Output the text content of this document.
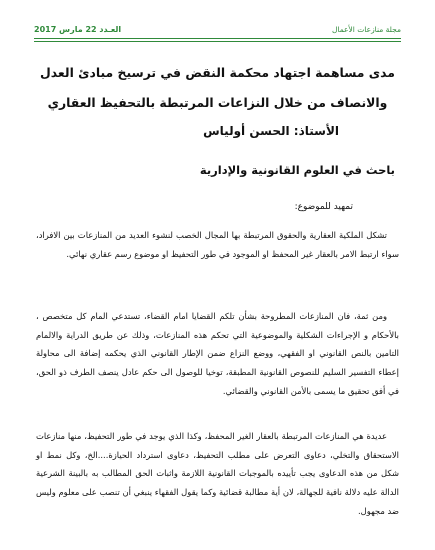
مجلة منازعات الأعمال
العـدد 22 مارس 2017
مدى مساهمة اجتهاد محكمة النقض في ترسيخ مبادئ العدل
والانصاف من خلال النزاعات المرتبطة بالتحفيظ العقاري
الأستاذ: الحسن أولياس
باحث في العلوم القانونية والإدارية
تمهيد للموضوع:

تشكل الملكية العقارية والحقوق المرتبطة بها المجال الخصب لنشوء العديد من المنازعات بين الافراد، سواء ارتبط الامر بالعقار غير المحفظ او الموجود في طور التحفيظ او موضوع رسم عقاري نهائي.

ومن ثمة، فان المنازعات المطروحة بشأن تلكم القضايا امام القضاء، تستدعي المام كل متخصص ، بالأحكام و الإجراءات الشكلية والموضوعية التي تحكم هذه المنازعات، وذلك عن طريق الدراية والالمام التامين بالنص القانوني او الفقهي، ووضع النزاع ضمن الإطار القانوني الذي يحكمه إضافة الى محاولة إعطاء التفسير السليم للنصوص القانونية المطبقة، توخيا للوصول الى حكم عادل ينصف الطرف ذو الحق، في أفق تحقيق ما يسمى بالأمن القانوني والقضائي.

عديدة هي المنازعات المرتبطة بالعقار الغير المحفظ، وكذا الذي يوجد في طور التحفيظ، منها منازعات الاستحقاق والتخلي، دعاوى التعرض على مطلب التحفيظ، دعاوى استرداد الحيازة....الخ، وكل نمط او شكل من هذه الدعاوى يجب تأييده بالموجبات القانونية اللازمة واثبات الحق المطالب به بالبينة الشرعية الدالة عليه دلالة نافية للجهالة، لان أية مطالبة قضائية وكما يقول الفقهاء ينبغي أن تنصب على معلوم وليس ضد مجهول.
